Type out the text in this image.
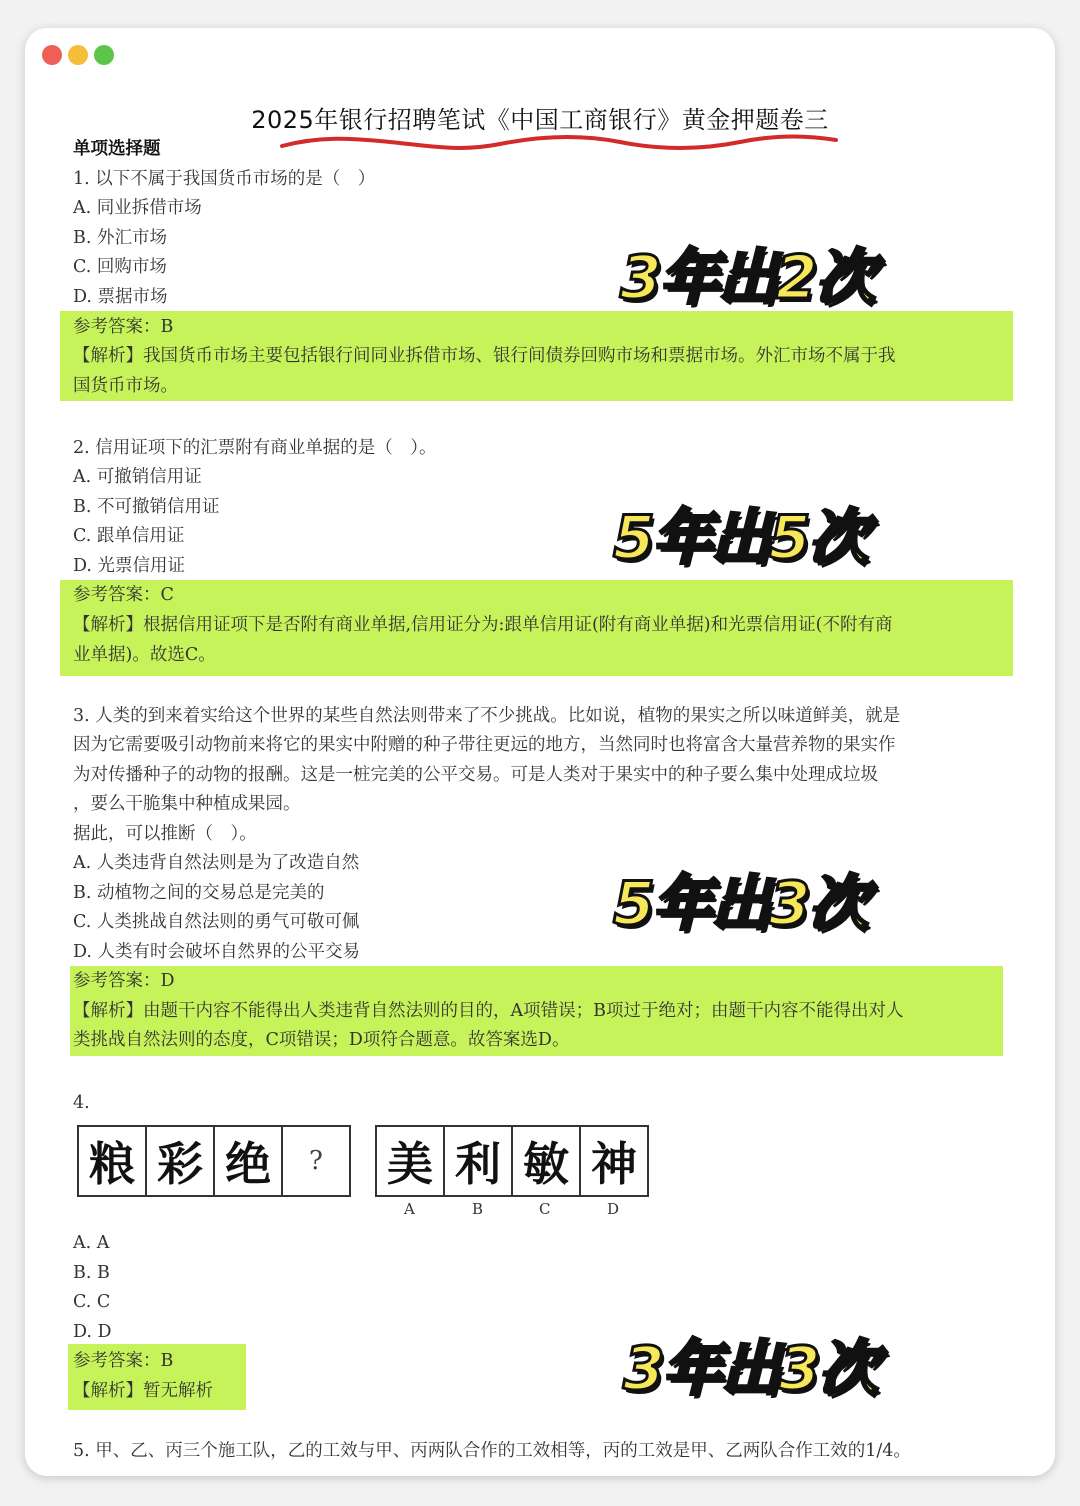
2025年银行招聘笔试《中国工商银行》黄金押题卷三
单项选择题
1. 以下不属于我国货币市场的是（　）
A. 同业拆借市场
B. 外汇市场
C. 回购市场
D. 票据市场
参考答案：B
【解析】我国货币市场主要包括银行间同业拆借市场、银行间债券回购市场和票据市场。外汇市场不属于我
国货币市场。
3年出2次
2. 信用证项下的汇票附有商业单据的是（　）。
A. 可撤销信用证
B. 不可撤销信用证
C. 跟单信用证
D. 光票信用证
参考答案：C
【解析】根据信用证项下是否附有商业单据,信用证分为:跟单信用证(附有商业单据)和光票信用证(不附有商
业单据)。故选C。
5年出5次
3. 人类的到来着实给这个世界的某些自然法则带来了不少挑战。比如说，植物的果实之所以味道鲜美，就是
因为它需要吸引动物前来将它的果实中附赠的种子带往更远的地方，当然同时也将富含大量营养物的果实作
为对传播种子的动物的报酬。这是一桩完美的公平交易。可是人类对于果实中的种子要么集中处理成垃圾
，要么干脆集中种植成果园。
据此，可以推断（　）。
A. 人类违背自然法则是为了改造自然
B. 动植物之间的交易总是完美的
C. 人类挑战自然法则的勇气可敬可佩
D. 人类有时会破坏自然界的公平交易
参考答案：D
【解析】由题干内容不能得出人类违背自然法则的目的，A项错误；B项过于绝对；由题干内容不能得出对人
类挑战自然法则的态度，C项错误；D项符合题意。故答案选D。
5年出3次
4.
粮 彩 绝	?	美 利 敏 神
A	B	C	D
A. A
B. B
C. C
D. D
参考答案：B
【解析】暂无解析	3年出3次
5. 甲、乙、丙三个施工队，乙的工效与甲、丙两队合作的工效相等，丙的工效是甲、乙两队合作工效的1/4。
